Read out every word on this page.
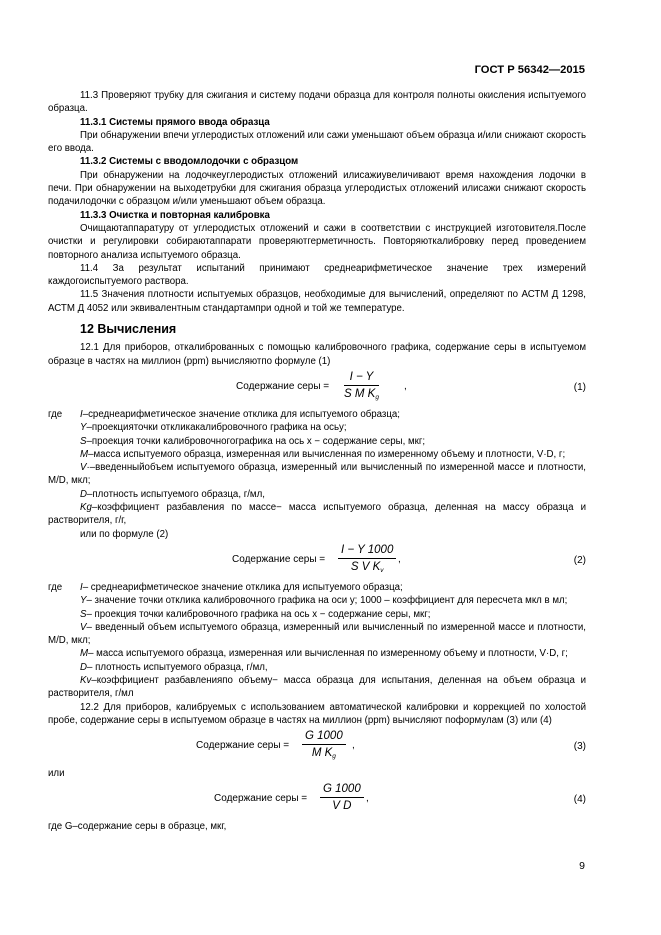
ГОСТ Р 56342—2015

11.3 Проверяют трубку для сжигания и систему подачи образца для контроля полноты окисления испытуемого образца.

11.3.1 Системы прямого ввода образца

При обнаружении впечи углеродистых отложений или сажи уменьшают объем образца и/или снижают скорость его ввода.

11.3.2 Системы с вводомлодочки с образцом

При обнаружении на лодочкеуглеродистых отложений илисажиувеличивают время нахождения лодочки в печи. При обнаружении на выходетрубки для сжигания образца углеродистых отложений илисажи снижают скорость подачилодочки с образцом и/или уменьшают объем образца.

11.3.3 Очистка и повторная калибровка

Очищаютаппаратуру от углеродистых отложений и сажи в соответствии с инструкцией изготовителя.После очистки и регулировки собираютаппарати проверяютгерметичность. Повторяюткалибровку перед проведением повторного анализа испытуемого образца.

11.4 За результат испытаний принимают среднеарифметическое значение трех измерений каждогоиспытуемого раствора.

11.5 Значения плотности испытуемых образцов, необходимые для вычислений, определяют по АСТМ Д 1298, АСТМ Д 4052 или эквивалентным стандартампри одной и той же температуре.

12 Вычисления

12.1 Для приборов, откалиброванных с помощью калибровочного графика, содержание серы в испытуемом образце в частях на миллион (ppm) вычисляютпо формуле (1)

Содержание серы = $\frac{I - Y}{S M K_g}$	,	(1)

где I–среднеарифметическое значение отклика для испытуемого образца;

Y–проекцияточки откликакалибровочного графика на осьу;

S–проекция точки калибровочногографика на ось х − содержание серы, мкг;

M–масса испытуемого образца, измеренная или вычисленная по измеренному объему и плотности, V·D, г;

V·–введенныйобъем испытуемого образца, измеренный или вычисленный по измеренной массе и плотности, M/D, мкл;

D–плотность испытуемого образца, г/мл,

Kg–коэффициент разбавления по массе− масса испытуемого образца, деленная на массу образца и растворителя, г/г,

или по формуле (2)

Содержание серы = $\frac{I - Y 1000}{S V K_v}$ ,	(2)

где I– среднеарифметическое значение отклика для испытуемого образца;

Y– значение точки отклика калибровочного графика на оси у; 1000 – коэффициент для пересчета мкл в мл;

S– проекция точки калибровочного графика на ось х − содержание серы, мкг;

V– введенный объем испытуемого образца, измеренный или вычисленный по измеренной массе и плотности, M/D, мкл;

M– масса испытуемого образца, измеренная или вычисленная по измеренному объему и плотности, V·D, г;

D– плотность испытуемого образца, г/мл,

Kv–коэффициент разбавленияпо объему− масса образца для испытания, деленная на объем образца и растворителя, г/мл

12.2 Для приборов, калибруемых с использованием автоматической калибровки и коррекцией по холостой пробе, содержание серы в испытуемом образце в частях на миллион (ppm) вычисляют поформулам (3) или (4)

Содержание серы = $\frac{G 1000}{M K_g}$ ,	(3)

или

Содержание серы = $\frac{G 1000}{\text{V D}}$ ,	(4)

где G–содержание серы в образце, мкг,

9
